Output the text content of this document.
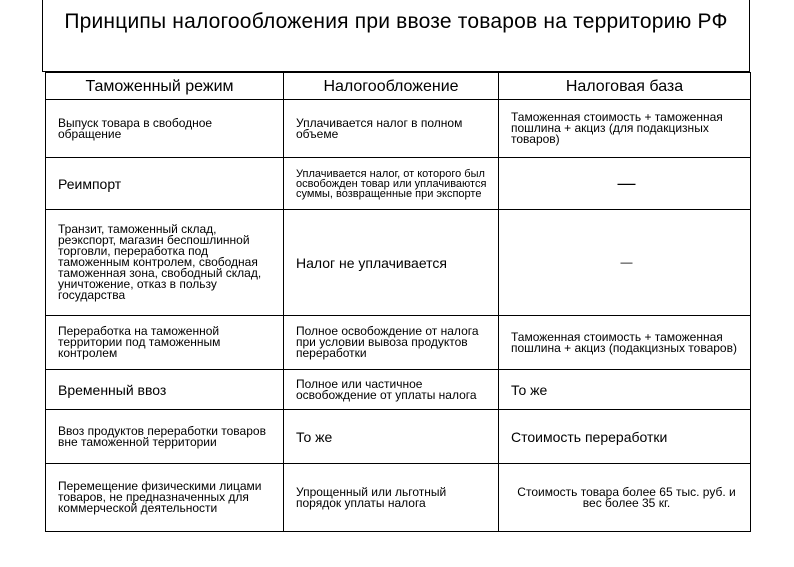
Принципы налогообложения при ввозе товаров на территорию РФ
Таможенный режим	Налогообложение	Налоговая база
Выпуск товара в свободное обращение	Уплачивается налог в полном объеме	Таможенная стоимость + таможенная пошлина + акциз (для подакцизных товаров)
Реимпорт	Уплачивается налог, от которого был освобожден товар или уплачиваются суммы, возвращенные при экспорте	—
Транзит, таможенный склад, реэкспорт, магазин беспошлинной торговли, переработка под таможенным контролем, свободная таможенная зона, свободный склад, уничтожение, отказ в пользу государства	Налог не уплачивается	—
Переработка на таможенной территории под таможенным контролем	Полное освобождение от налога при условии вывоза продуктов переработки	Таможенная стоимость + таможенная пошлина + акциз (подакцизных товаров)
Временный ввоз	Полное или частичное освобождение от уплаты налога	То же
Ввоз продуктов переработки товаров вне таможенной территории	То же	Стоимость переработки
Перемещение физическими лицами товаров, не предназначенных для коммерческой деятельности	Упрощенный или льготный порядок уплаты налога	Стоимость товара более 65 тыс. руб. и вес более 35 кг.
